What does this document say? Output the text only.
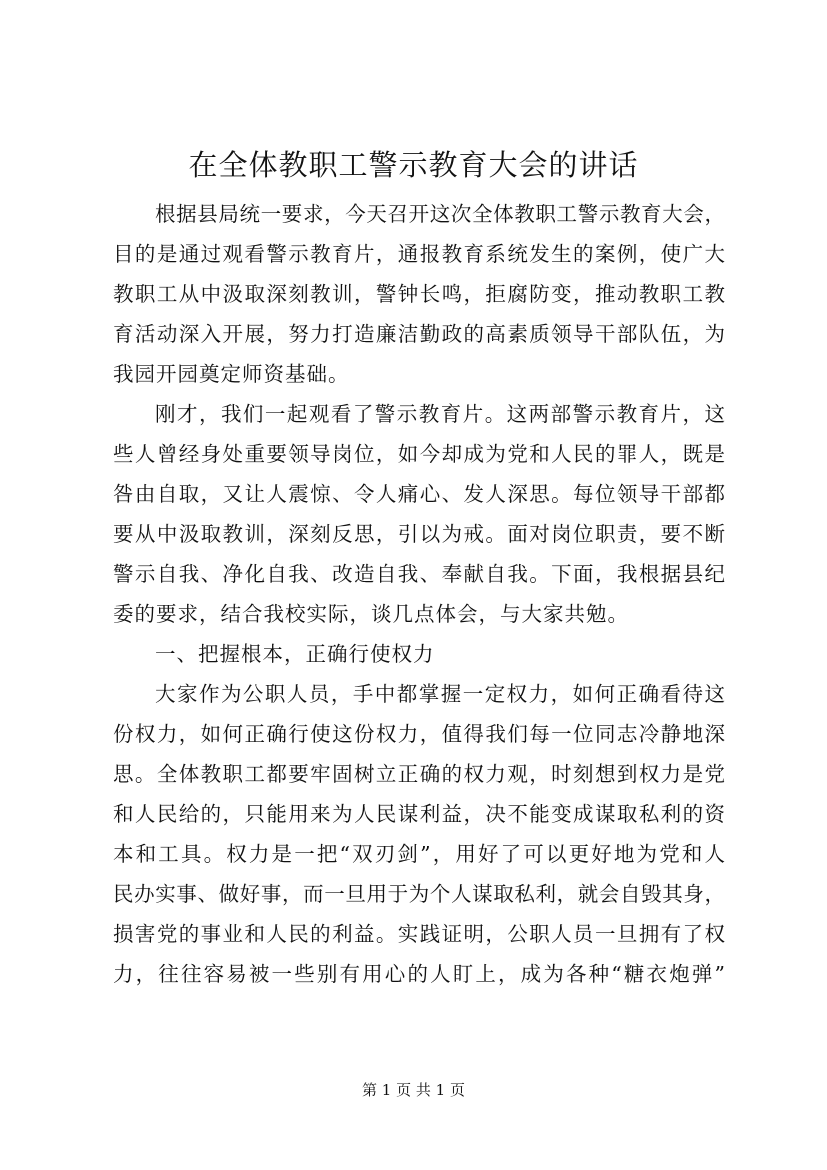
在全体教职工警示教育大会的讲话
根据县局统一要求，今天召开这次全体教职工警示教育大会，
目的是通过观看警示教育片，通报教育系统发生的案例，使广大
教职工从中汲取深刻教训，警钟长鸣，拒腐防变，推动教职工教
育活动深入开展，努力打造廉洁勤政的高素质领导干部队伍，为
我园开园奠定师资基础。
刚才，我们一起观看了警示教育片。这两部警示教育片，这
些人曾经身处重要领导岗位，如今却成为党和人民的罪人，既是
咎由自取，又让人震惊、令人痛心、发人深思。每位领导干部都
要从中汲取教训，深刻反思，引以为戒。面对岗位职责，要不断
警示自我、净化自我、改造自我、奉献自我。下面，我根据县纪
委的要求，结合我校实际，谈几点体会，与大家共勉。
一、把握根本，正确行使权力
大家作为公职人员，手中都掌握一定权力，如何正确看待这
份权力，如何正确行使这份权力，值得我们每一位同志冷静地深
思。全体教职工都要牢固树立正确的权力观，时刻想到权力是党
和人民给的，只能用来为人民谋利益，决不能变成谋取私利的资
本和工具。权力是一把“双刃剑”，用好了可以更好地为党和人
民办实事、做好事，而一旦用于为个人谋取私利，就会自毁其身，
损害党的事业和人民的利益。实践证明，公职人员一旦拥有了权
力，往往容易被一些别有用心的人盯上，成为各种“糖衣炮弹”
第 1 页 共 1 页
